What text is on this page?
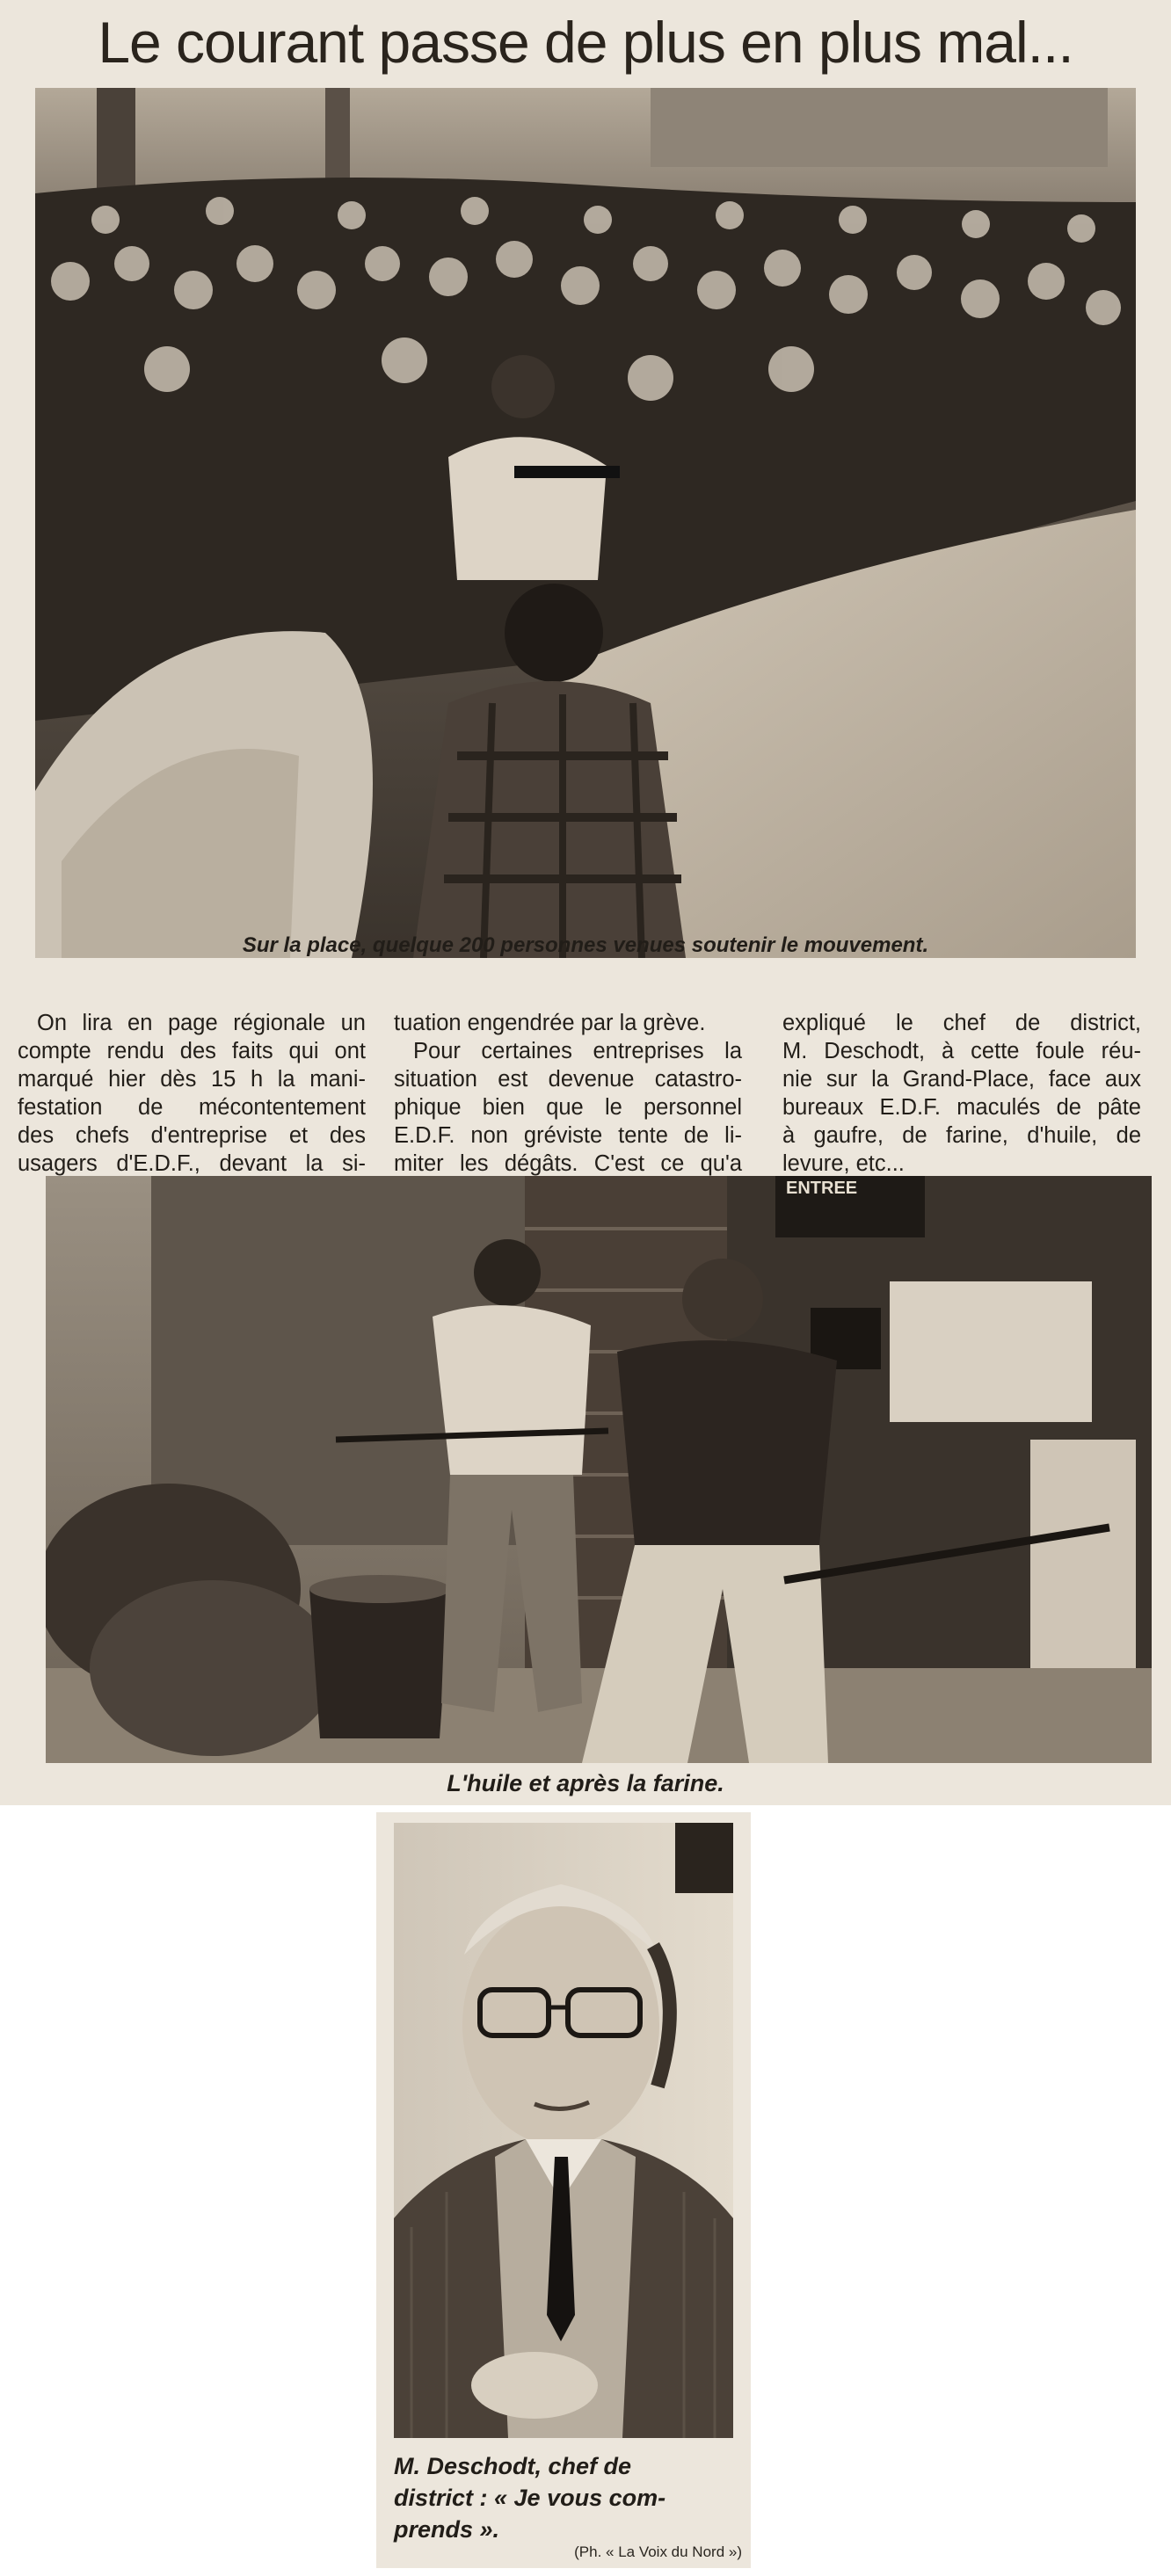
Le courant passe de plus en plus mal...
Sur la place, quelque 200 personnes venues soutenir le mouvement.
On lira en page régionale un
compte rendu des faits qui ont
marqué hier dès 15 h la mani-
festation de mécontentement
des chefs d'entreprise et des
usagers d'E.D.F., devant la si-
tuation engendrée par la grève.
Pour certaines entreprises la
situation est devenue catastro-
phique bien que le personnel
E.D.F. non gréviste tente de li-
miter les dégâts. C'est ce qu'a
expliqué le chef de district,
M. Deschodt, à cette foule réu-
nie sur la Grand-Place, face aux
bureaux E.D.F. maculés de pâte
à gaufre, de farine, d'huile, de
levure, etc...
ENTREE
L'huile et après la farine.
M. Deschodt, chef de
district : « Je vous com-
prends ».
(Ph. « La Voix du Nord »)
